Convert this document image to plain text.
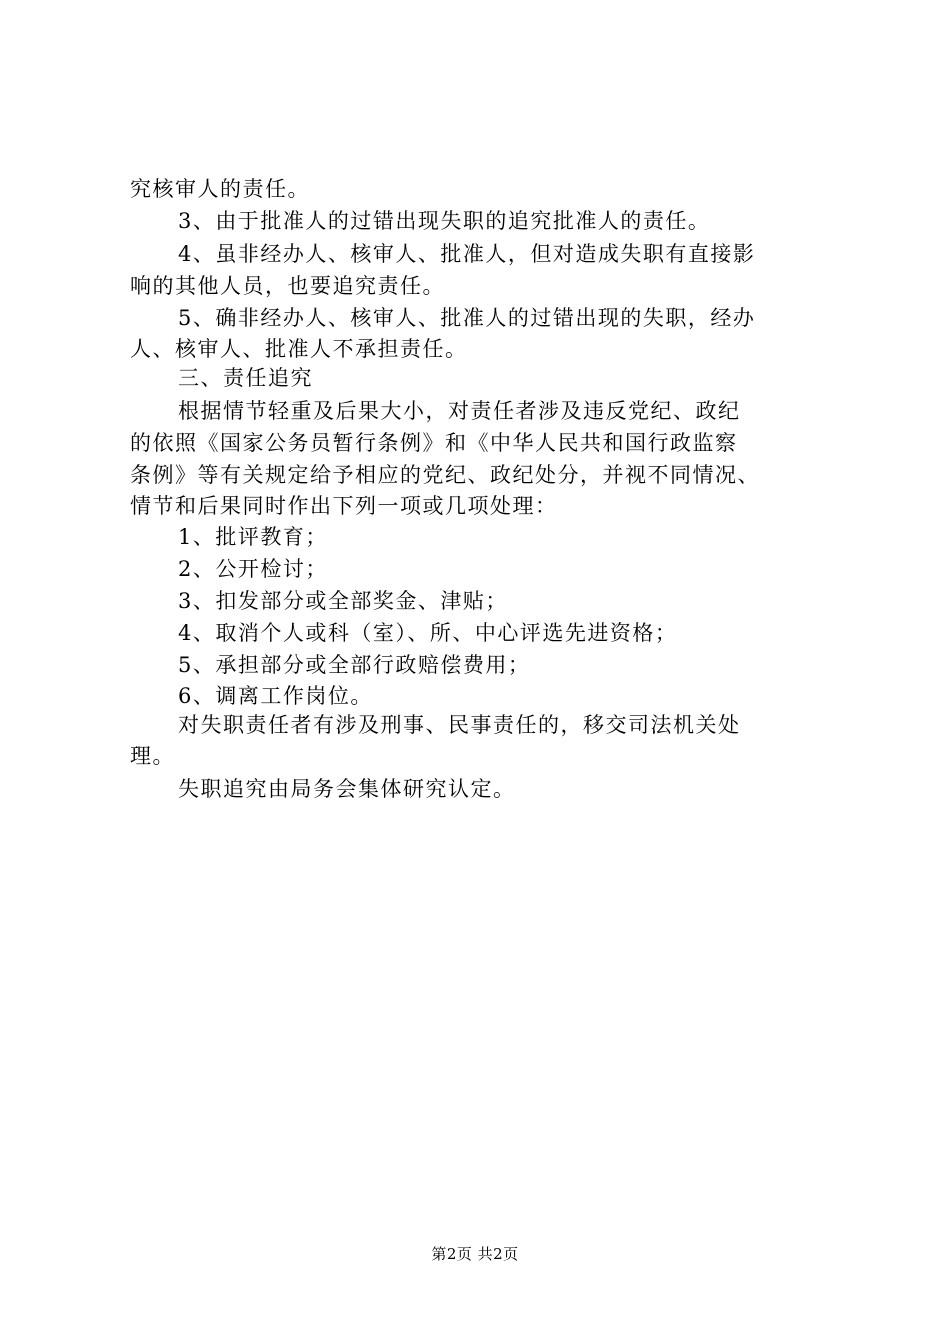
究核审人的责任。
3、由于批准人的过错出现失职的追究批准人的责任。
4、虽非经办人、核审人、批准人，但对造成失职有直接影
响的其他人员，也要追究责任。
5、确非经办人、核审人、批准人的过错出现的失职，经办
人、核审人、批准人不承担责任。
三、责任追究
根据情节轻重及后果大小，对责任者涉及违反党纪、政纪
的依照《国家公务员暂行条例》和《中华人民共和国行政监察
条例》等有关规定给予相应的党纪、政纪处分，并视不同情况、
情节和后果同时作出下列一项或几项处理：
1、批评教育；
2、公开检讨；
3、扣发部分或全部奖金、津贴；
4、取消个人或科（室）、所、中心评选先进资格；
5、承担部分或全部行政赔偿费用；
6、调离工作岗位。
对失职责任者有涉及刑事、民事责任的，移交司法机关处
理。
失职追究由局务会集体研究认定。
第2页 共2页
